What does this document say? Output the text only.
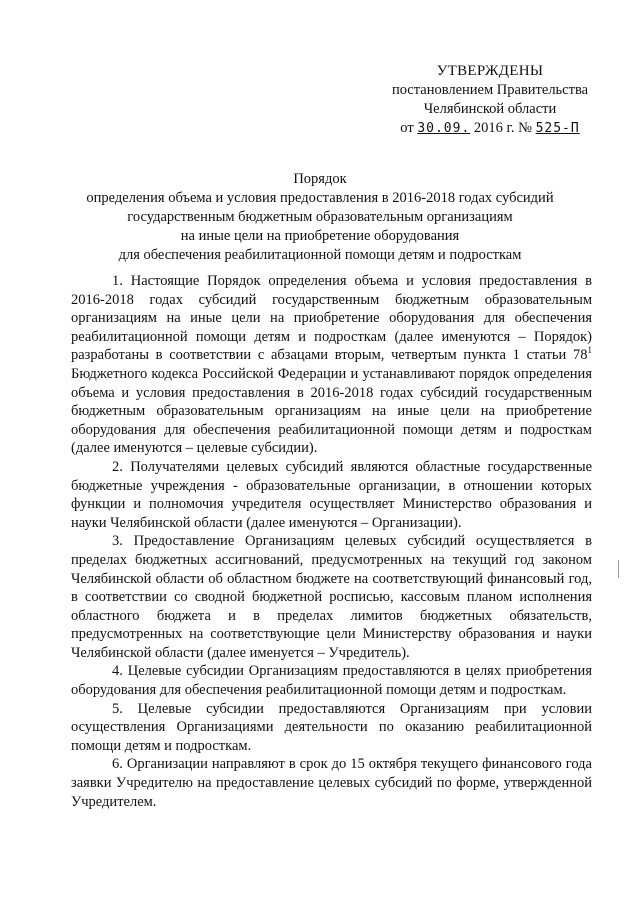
УТВЕРЖДЕНЫ
постановлением Правительства
Челябинской области
от 30.09. 2016 г. № 525-П
Порядок
определения объема и условия предоставления в 2016-2018 годах субсидий
государственным бюджетным образовательным организациям
на иные цели на приобретение оборудования
для обеспечения реабилитационной помощи детям и подросткам

1. Настоящие Порядок определения объема и условия предоставления в 2016-2018 годах субсидий государственным бюджетным образовательным организациям на иные цели на приобретение оборудования для обеспечения реабилитационной помощи детям и подросткам (далее именуются – Порядок) разработаны в соответствии с абзацами вторым, четвертым пункта 1 статьи $78^1$ Бюджетного кодекса Российской Федерации и устанавливают порядок определения объема и условия предоставления в 2016-2018 годах субсидий государственным бюджетным образовательным организациям на иные цели на приобретение оборудования для обеспечения реабилитационной помощи детям и подросткам (далее именуются – целевые субсидии).

2. Получателями целевых субсидий являются областные государственные бюджетные учреждения - образовательные организации, в отношении которых функции и полномочия учредителя осуществляет Министерство образования и науки Челябинской области (далее именуются – Организации).

3. Предоставление Организациям целевых субсидий осуществляется в пределах бюджетных ассигнований, предусмотренных на текущий год законом Челябинской области об областном бюджете на соответствующий финансовый год, в соответствии со сводной бюджетной росписью, кассовым планом исполнения областного бюджета и в пределах лимитов бюджетных обязательств, предусмотренных на соответствующие цели Министерству образования и науки Челябинской области (далее именуется – Учредитель).

4. Целевые субсидии Организациям предоставляются в целях приобретения оборудования для обеспечения реабилитационной помощи детям и подросткам.

5. Целевые субсидии предоставляются Организациям при условии осуществления Организациями деятельности по оказанию реабилитационной помощи детям и подросткам.

6. Организации направляют в срок до 15 октября текущего финансового года заявки Учредителю на предоставление целевых субсидий по форме, утвержденной Учредителем.
